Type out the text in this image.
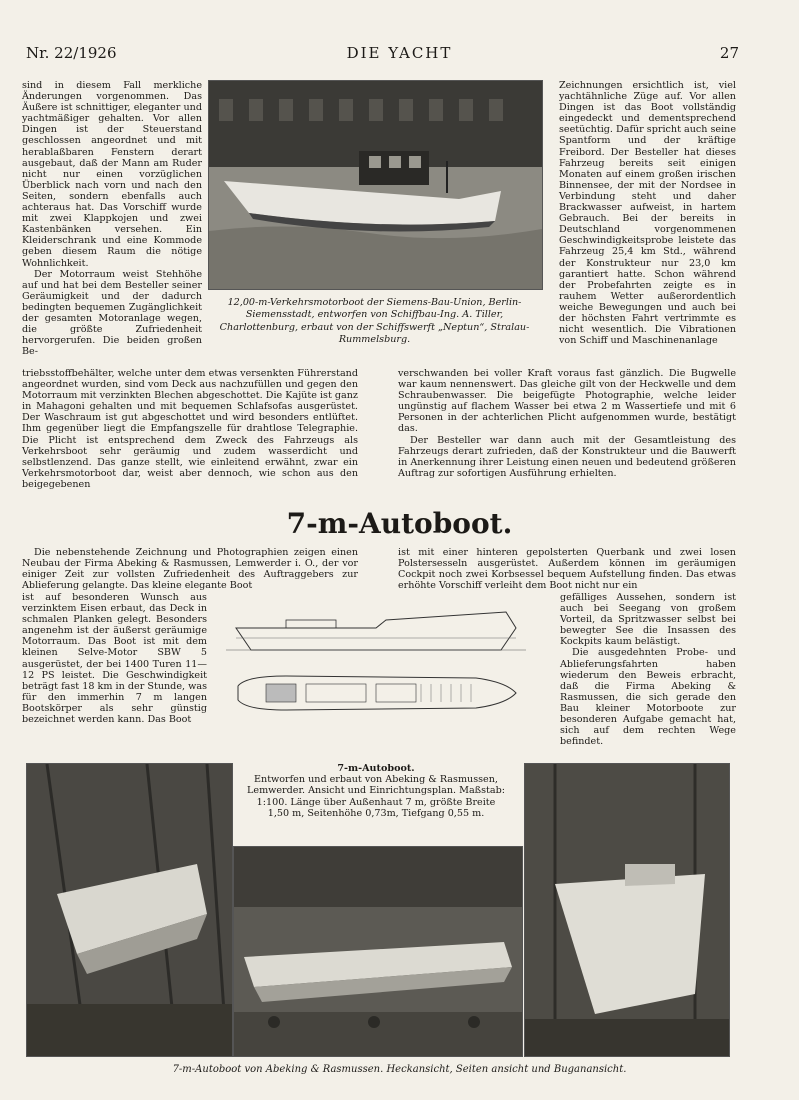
Nr. 22/1926	DIE YACHT	27

sind in diesem Fall merkliche Änderungen vorgenommen. Das Äußere ist schnittiger, eleganter und yachtmäßiger gehalten. Vor allen Dingen ist der Steuerstand geschlossen angeordnet und mit herablaßbaren Fenstern derart ausgebaut, daß der Mann am Ruder nicht nur einen vorzüglichen Überblick nach vorn und nach den Seiten, sondern ebenfalls auch achteraus hat. Das Vorschiff wurde mit zwei Klappkojen und zwei Kastenbänken versehen. Ein Kleiderschrank und eine Kommode geben diesem Raum die nötige Wohnlichkeit.

Der Motorraum weist Stehhöhe auf und hat bei dem Besteller seiner Geräumigkeit und der dadurch bedingten bequemen Zugänglichkeit der gesamten Motoranlage wegen, die größte Zufriedenheit hervorgerufen. Die beiden großen Be-

12,00-m-Verkehrsmotorboot der Siemens-Bau-Union, Berlin-Siemensstadt, entworfen von Schiffbau-Ing. A. Tiller, Charlottenburg, erbaut von der Schiffswerft „Neptun“, Stralau-Rummelsburg.

triebsstoffbehälter, welche unter dem etwas versenkten Führerstand angeordnet wurden, sind vom Deck aus nachzufüllen und gegen den Motorraum mit verzinkten Blechen abgeschottet. Die Kajüte ist ganz in Mahagoni gehalten und mit bequemen Schlafsofas ausgerüstet. Der Waschraum ist gut abgeschottet und wird besonders entlüftet. Ihm gegenüber liegt die Empfangszelle für drahtlose Telegraphie. Die Plicht ist entsprechend dem Zweck des Fahrzeugs als Verkehrsboot sehr geräumig und zudem wasserdicht und selbstlenzend. Das ganze stellt, wie einleitend erwähnt, zwar ein Verkehrsmotorboot dar, weist aber dennoch, wie schon aus den beigegebenen

Zeichnungen ersichtlich ist, viel yachtähnliche Züge auf. Vor allen Dingen ist das Boot vollständig eingedeckt und dementsprechend seetüchtig. Dafür spricht auch seine Spantform und der kräftige Freibord. Der Besteller hat dieses Fahrzeug bereits seit einigen Monaten auf einem großen irischen Binnensee, der mit der Nordsee in Verbindung steht und daher Brackwasser aufweist, in hartem Gebrauch. Bei der bereits in Deutschland vorgenommenen Geschwindigkeitsprobe leistete das Fahrzeug 25,4 km Std., während der Konstrukteur nur 23,0 km garantiert hatte. Schon während der Probefahrten zeigte es in rauhem Wetter außerordentlich weiche Bewegungen und auch bei der höchsten Fahrt vertrimmte es nicht wesentlich. Die Vibrationen von Schiff und Maschinenanlage

verschwanden bei voller Kraft voraus fast gänzlich. Die Bugwelle war kaum nennenswert. Das gleiche gilt von der Heckwelle und dem Schraubenwasser. Die beigefügte Photographie, welche leider ungünstig auf flachem Wasser bei etwa 2 m Wassertiefe und mit 6 Personen in der achterlichen Plicht aufgenommen wurde, bestätigt das.

Der Besteller war dann auch mit der Gesamtleistung des Fahrzeugs derart zufrieden, daß der Konstrukteur und die Bauwerft in Anerkennung ihrer Leistung einen neuen und bedeutend größeren Auftrag zur sofortigen Ausführung erhielten.

7-m-Autoboot.

Die nebenstehende Zeichnung und Photographien zeigen einen Neubau der Firma Abeking & Rasmussen, Lemwerder i. O., der vor einiger Zeit zur vollsten Zufriedenheit des Auftraggebers zur Ablieferung gelangte. Das kleine elegante Boot

ist auf besonderen Wunsch aus verzinktem Eisen erbaut, das Deck in schmalen Planken gelegt. Besonders angenehm ist der äußerst geräumige Motorraum. Das Boot ist mit dem kleinen Selve-Motor SBW 5 ausgerüstet, der bei 1400 Turen 11—12 PS leistet. Die Geschwindigkeit beträgt fast 18 km in der Stunde, was für den immerhin 7 m langen Bootskörper als sehr günstig bezeichnet werden kann. Das Boot

ist mit einer hinteren gepolsterten Querbank und zwei losen Polstersesseln ausgerüstet. Außerdem können im geräumigen Cockpit noch zwei Korbsessel bequem Aufstellung finden. Das etwas erhöhte Vorschiff verleiht dem Boot nicht nur ein

gefälliges Aussehen, sondern ist auch bei Seegang von großem Vorteil, da Spritzwasser selbst bei bewegter See die Insassen des Kockpits kaum belästigt.

Die ausgedehnten Probe- und Ablieferungsfahrten haben wiederum den Beweis erbracht, daß die Firma Abeking & Rasmussen, die sich gerade den Bau kleiner Motorboote zur besonderen Aufgabe gemacht hat, sich auf dem rechten Wege befindet.

7-m-Autoboot.
Entworfen und erbaut von Abeking & Rasmussen, Lemwerder. Ansicht und Einrichtungsplan. Maßstab: 1:100. Länge über Außenhaut 7 m, größte Breite 1,50 m, Seitenhöhe 0,73m, Tiefgang 0,55 m.
7-m-Autoboot von Abeking & Rasmussen. Heckansicht, Seiten ansicht und Buganansicht.
